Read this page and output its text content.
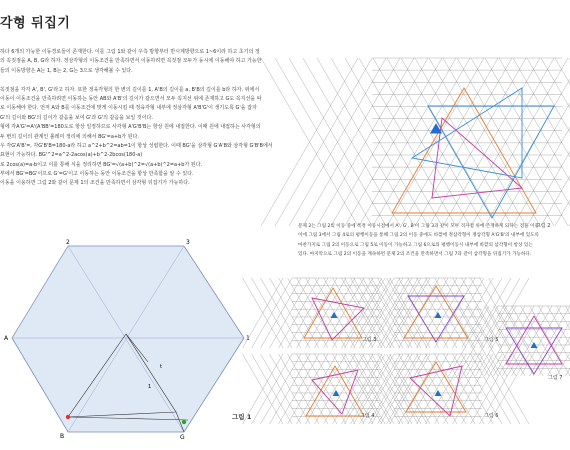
각형 뒤집기
하다 6개의 가능한 이동경로들이 존재한다. 이를 그림 1와 같이 우측 방향부터 반시계방향으로 1~6이라 하고 초기의 정
의 꼭짓점을 A, B, G라 하자. 정삼각형의 이동조건을 만족하면서 이동하려면 꼭짓점 모두가 동시에 이동해야 하고 가능한
들의 이동방향은 A는 1, B는 2, G는 3으로 생각해볼 수 있다.
꼭짓점을 각각 A', B', G'라고 하자. 또한 정육각형의 한 변의 길이를 1, A'B의 길이를 a, B'B의 길이를 b라 하자. 위에서
이동이 이동조건을 만족하려면 이동하는 동안 AB와 A'B'의 길이가 같으면서 모두 꼭지선 위에 존재하고 G도 꼭지선을 따
로 이동해야 한다. 먼저 A와 B를 이동조건에 맞게 이동시킬 때 정육각형 내부에 정삼각형 A'B'G'이 생기도록 G'을 잡자
G'의 길이와 BG'의 길이가 같음을 보여 G'과 G'의 같음을 보일 것이다.
형에 각A'G'=A'(A'BB'=180도로 항상 일정하므로 사각형 A'G'B'B는 항상 원에 내접한다. 이때 원에 내접하는 사각형의
두 변의 길이의 관계인 톨레미 정리에 의해서 BG'=a+b가 된다.
우 각G'A'B'=, 각G'B'B=180-a라 하고 a^2+b^2=ab=1이 항상 성립한다. 이때 BG'을 삼각형 G'A'B와 삼각형 G'B'B에서
표현이 가능하다. BG'^2=a^2-2acos(a)+b^2-2bcos(180-a)
로 2cos(a)=a-b이고 이를 통해 식을 정리하면 BG'=√(a+b)^2=√(a+b)^2=a+b가 된다.
부에서 BG'=BG'이므로 G'=G'이고 이동하는 동안 이동조건을 항상 만족함을 알 수 있다.
이동을 이용하면 그림 2와 같이 문제 1의 조건을 만족하면서 삼각형 뒤집기가 가능하다.
문제 2는 그림 2의 이동 중에 특정 이동시점에서 A', G', B'이 그림 3과 같이 모두 격자점 위에 존재하게 되다는 점을 이용
이에 그림 3에서 그림 4로의 평행이동을 통해 그림 2의 이동 중에도 바깥에 정삼각형이 정삼각형 A'G'B'의 내부에 있도록
마찬가지로 그림 2의 이동으로 그림 5로 이동이 가능하고 그림 6으로의 평행이동시 내부에 바깥의 삼각형이 항상 있는
있다. 마지막으로 그림 2의 이동을 계속하면 문제 2의 조건을 만족하면서 그림 7과 같이 삼각형을 뒤집기가 가능하다.
A
B	G
2	3
1
1
t
그림 1
그림 2
그림 3
그림 4
그림 5
그림 6
그림 7
